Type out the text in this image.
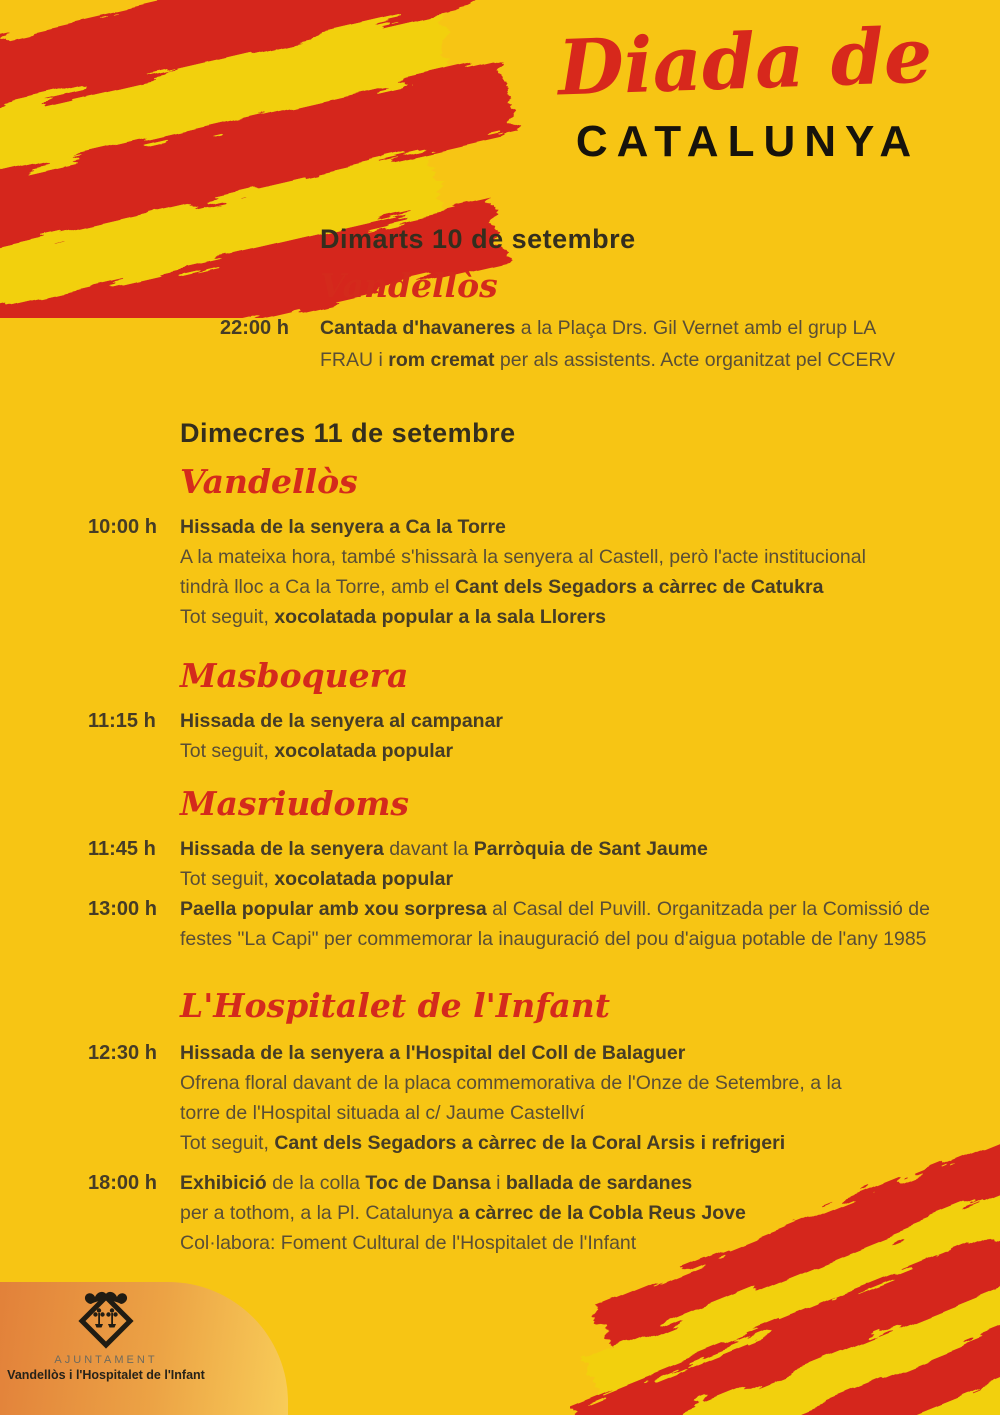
Diada de
CATALUNYA
Dimarts 10 de setembre
Vandellòs
22:00 h	Cantada d'havaneres a la Plaça Drs. Gil Vernet amb el grup LA
FRAU i rom cremat per als assistents. Acte organitzat pel CCERV
Dimecres 11 de setembre
Vandellòs
10:00 h Hissada de la senyera a Ca la Torre
A la mateixa hora, també s'hissarà la senyera al Castell, però l'acte institucional
tindrà lloc a Ca la Torre, amb el Cant dels Segadors a càrrec de Catukra
Tot seguit, xocolatada popular a la sala Llorers
Masboquera
11:15 h	Hissada de la senyera al campanar
Tot seguit, xocolatada popular
Masriudoms
11:45 h	Hissada de la senyera davant la Parròquia de Sant Jaume
Tot seguit, xocolatada popular
13:00 h Paella popular amb xou sorpresa al Casal del Puvill. Organitzada per la Comissió de
festes "La Capi" per commemorar la inauguració del pou d'aigua potable de l'any 1985
L'Hospitalet de l'Infant
12:30 h Hissada de la senyera a l'Hospital del Coll de Balaguer
Ofrena floral davant de la placa commemorativa de l'Onze de Setembre, a la
torre de l'Hospital situada al c/ Jaume Castellví
Tot seguit, Cant dels Segadors a càrrec de la Coral Arsis i refrigeri
18:00 h Exhibició de la colla Toc de Dansa i ballada de sardanes
per a tothom, a la Pl. Catalunya a càrrec de la Cobla Reus Jove
Col·labora: Foment Cultural de l'Hospitalet de l'Infant
AJUNTAMENT
Vandellòs i l'Hospitalet de l'Infant
